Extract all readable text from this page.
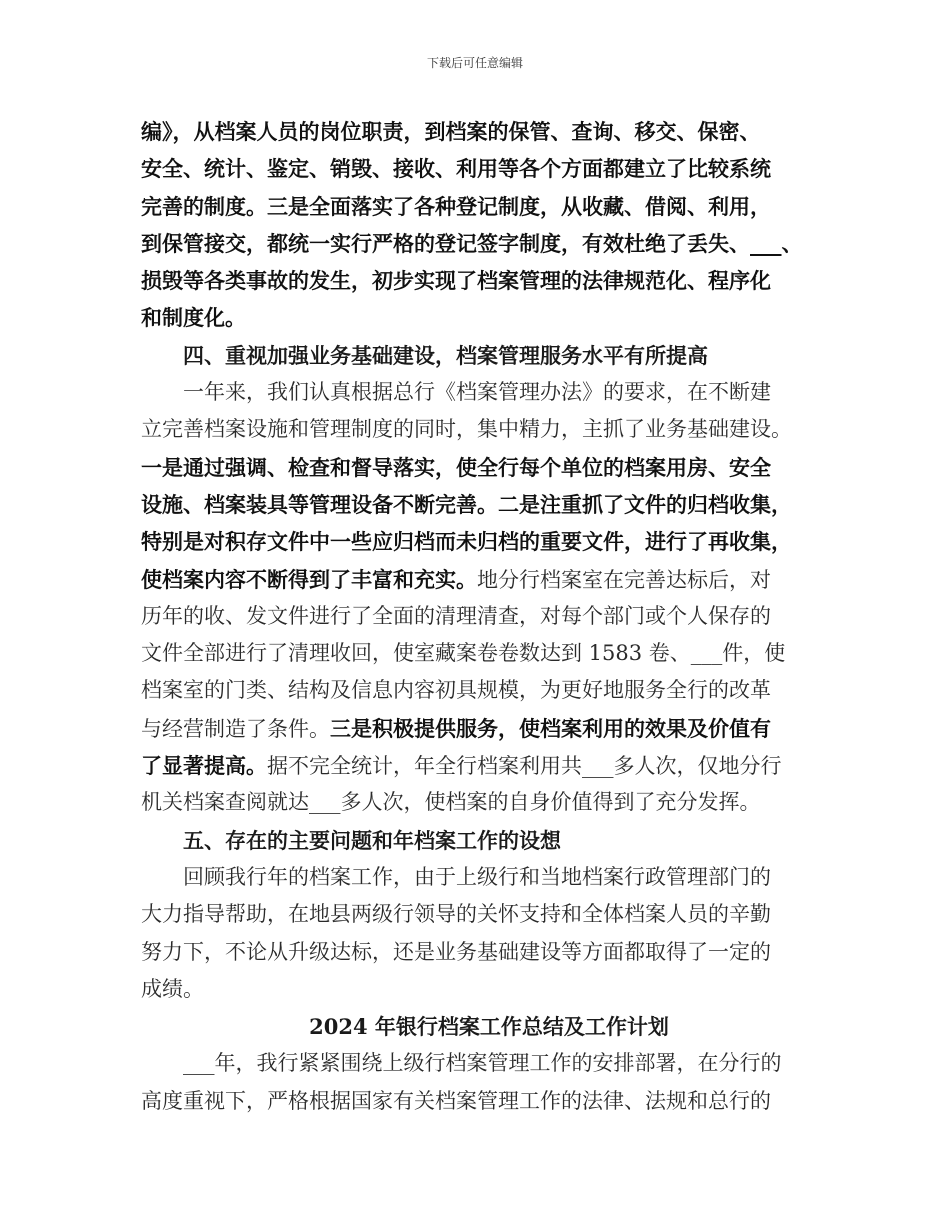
下载后可任意编辑
编》，从档案人员的岗位职责，到档案的保管、查询、移交、保密、
安全、统计、鉴定、销毁、接收、利用等各个方面都建立了比较系统
完善的制度。三是全面落实了各种登记制度，从收藏、借阅、利用，
到保管接交，都统一实行严格的登记签字制度，有效杜绝了丢失、___、
损毁等各类事故的发生，初步实现了档案管理的法律规范化、程序化
和制度化。
四、重视加强业务基础建设，档案管理服务水平有所提高
一年来，我们认真根据总行《档案管理办法》的要求，在不断建
立完善档案设施和管理制度的同时，集中精力，主抓了业务基础建设。
一是通过强调、检查和督导落实，使全行每个单位的档案用房、安全
设施、档案装具等管理设备不断完善。二是注重抓了文件的归档收集，
特别是对积存文件中一些应归档而未归档的重要文件，进行了再收集，
使档案内容不断得到了丰富和充实。地分行档案室在完善达标后，对
历年的收、发文件进行了全面的清理清查，对每个部门或个人保存的
文件全部进行了清理收回，使室藏案卷卷数达到 1583 卷、___件，使
档案室的门类、结构及信息内容初具规模，为更好地服务全行的改革
与经营制造了条件。三是积极提供服务，使档案利用的效果及价值有
了显著提高。据不完全统计，年全行档案利用共___多人次，仅地分行
机关档案查阅就达___多人次，使档案的自身价值得到了充分发挥。
五、存在的主要问题和年档案工作的设想
回顾我行年的档案工作，由于上级行和当地档案行政管理部门的
大力指导帮助，在地县两级行领导的关怀支持和全体档案人员的辛勤
努力下，不论从升级达标，还是业务基础建设等方面都取得了一定的
成绩。
2024 年银行档案工作总结及工作计划
___年，我行紧紧围绕上级行档案管理工作的安排部署，在分行的
高度重视下，严格根据国家有关档案管理工作的法律、法规和总行的
